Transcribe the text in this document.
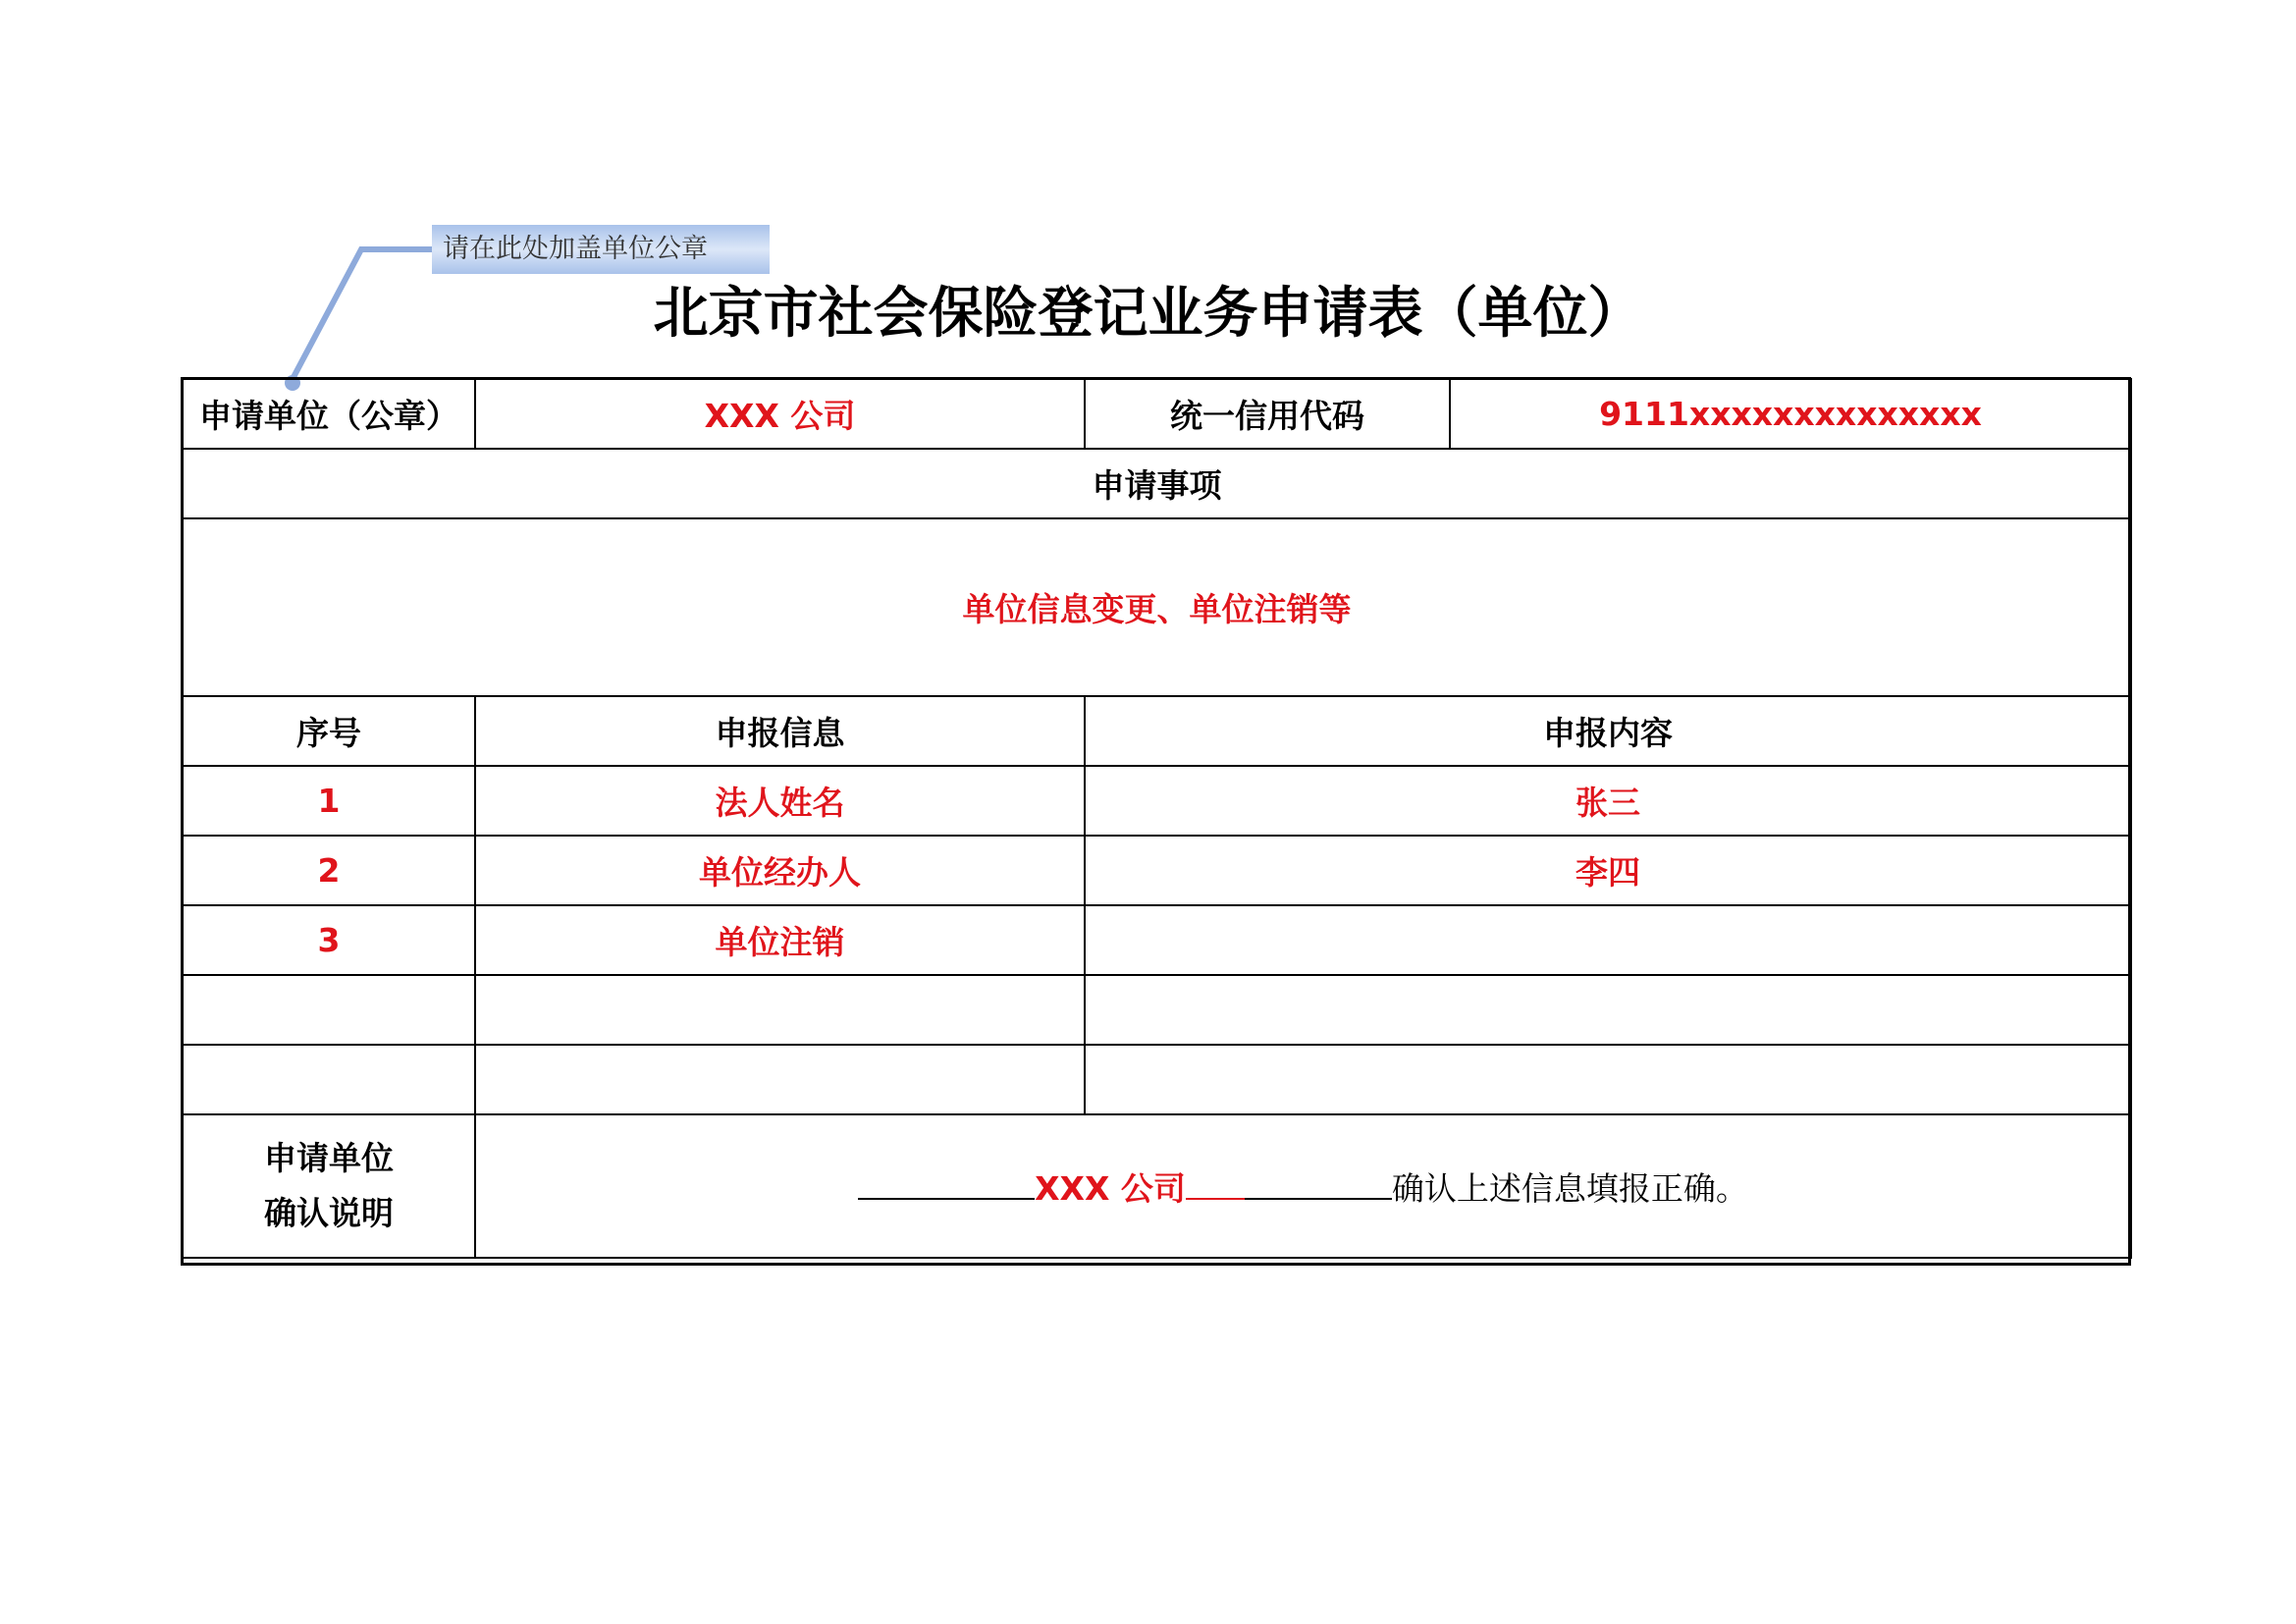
请在此处加盖单位公章
北京市社会保险登记业务申请表（单位）
申请单位（公章）	XXX 公司	统一信用代码	9111xxxxxxxxxxxxxx
申请事项			
单位信息变更、单位注销等			
序号	申报信息	申报内容	
1	法人姓名	张三	
2	单位经办人	李四	
3	单位注销		

申请单位
确认说明	XXX 公司 确认上述信息填报正确。		
